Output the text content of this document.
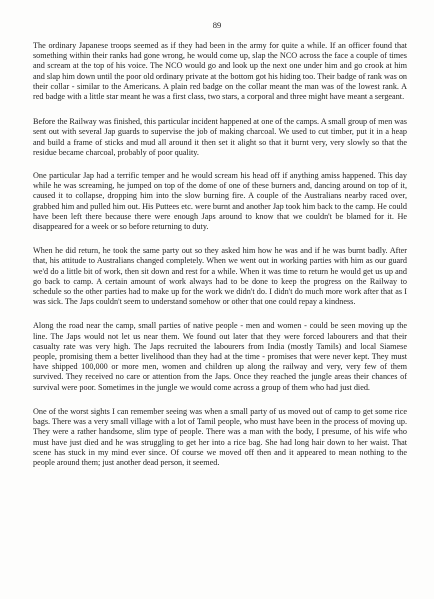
89

The ordinary Japanese troops seemed as if they had been in the army for quite a while. If an officer found that something within their ranks had gone wrong, he would come up, slap the NCO across the face a couple of times and scream at the top of his voice. The NCO would go and look up the next one under him and go crook at him and slap him down until the poor old ordinary private at the bottom got his hiding too. Their badge of rank was on their collar - similar to the Americans. A plain red badge on the collar meant the man was of the lowest rank. A red badge with a little star meant he was a first class, two stars, a corporal and three might have meant a sergeant.

Before the Railway was finished, this particular incident happened at one of the camps. A small group of men was sent out with several Jap guards to supervise the job of making charcoal. We used to cut timber, put it in a heap and build a frame of sticks and mud all around it then set it alight so that it burnt very, very slowly so that the residue became charcoal, probably of poor quality.

One particular Jap had a terrific temper and he would scream his head off if anything amiss happened. This day while he was screaming, he jumped on top of the dome of one of these burners and, dancing around on top of it, caused it to collapse, dropping him into the slow burning fire. A couple of the Australians nearby raced over, grabbed him and pulled him out. His Puttees etc. were burnt and another Jap took him back to the camp. He could have been left there because there were enough Japs around to know that we couldn't be blamed for it. He disappeared for a week or so before returning to duty.

When he did return, he took the same party out so they asked him how he was and if he was burnt badly. After that, his attitude to Australians changed completely. When we went out in working parties with him as our guard we'd do a little bit of work, then sit down and rest for a while. When it was time to return he would get us up and go back to camp. A certain amount of work always had to be done to keep the progress on the Railway to schedule so the other parties had to make up for the work we didn't do. I didn't do much more work after that as I was sick. The Japs couldn't seem to understand somehow or other that one could repay a kindness.

Along the road near the camp, small parties of native people - men and women - could be seen moving up the line. The Japs would not let us near them. We found out later that they were forced labourers and that their casualty rate was very high. The Japs recruited the labourers from India (mostly Tamils) and local Siamese people, promising them a better livelihood than they had at the time - promises that were never kept. They must have shipped 100,000 or more men, women and children up along the railway and very, very few of them survived. They received no care or attention from the Japs. Once they reached the jungle areas their chances of survival were poor. Sometimes in the jungle we would come across a group of them who had just died.

One of the worst sights I can remember seeing was when a small party of us moved out of camp to get some rice bags. There was a very small village with a lot of Tamil people, who must have been in the process of moving up. They were a rather handsome, slim type of people. There was a man with the body, I presume, of his wife who must have just died and he was struggling to get her into a rice bag. She had long hair down to her waist. That scene has stuck in my mind ever since. Of course we moved off then and it appeared to mean nothing to the people around them; just another dead person, it seemed.
